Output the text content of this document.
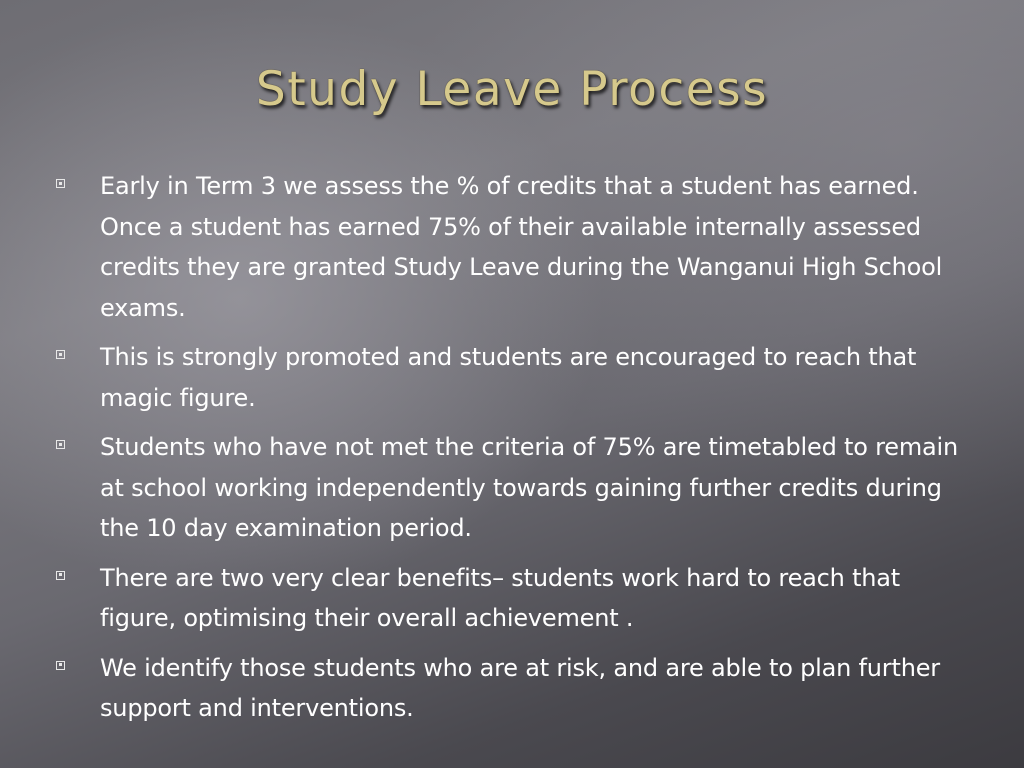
Study Leave Process
Early in Term 3 we assess the % of credits that a student has earned. Once a student has earned 75% of their available internally assessed credits they are granted Study Leave during the Wanganui High School exams.
This is strongly promoted and students are encouraged to reach that magic figure.
Students who have not met the criteria of 75% are timetabled to remain at school working independently towards gaining further credits during the 10 day examination period.
There are two very clear benefits– students work hard to reach that figure, optimising their overall achievement .
We identify those students who are at risk, and are able to plan further support and interventions.
